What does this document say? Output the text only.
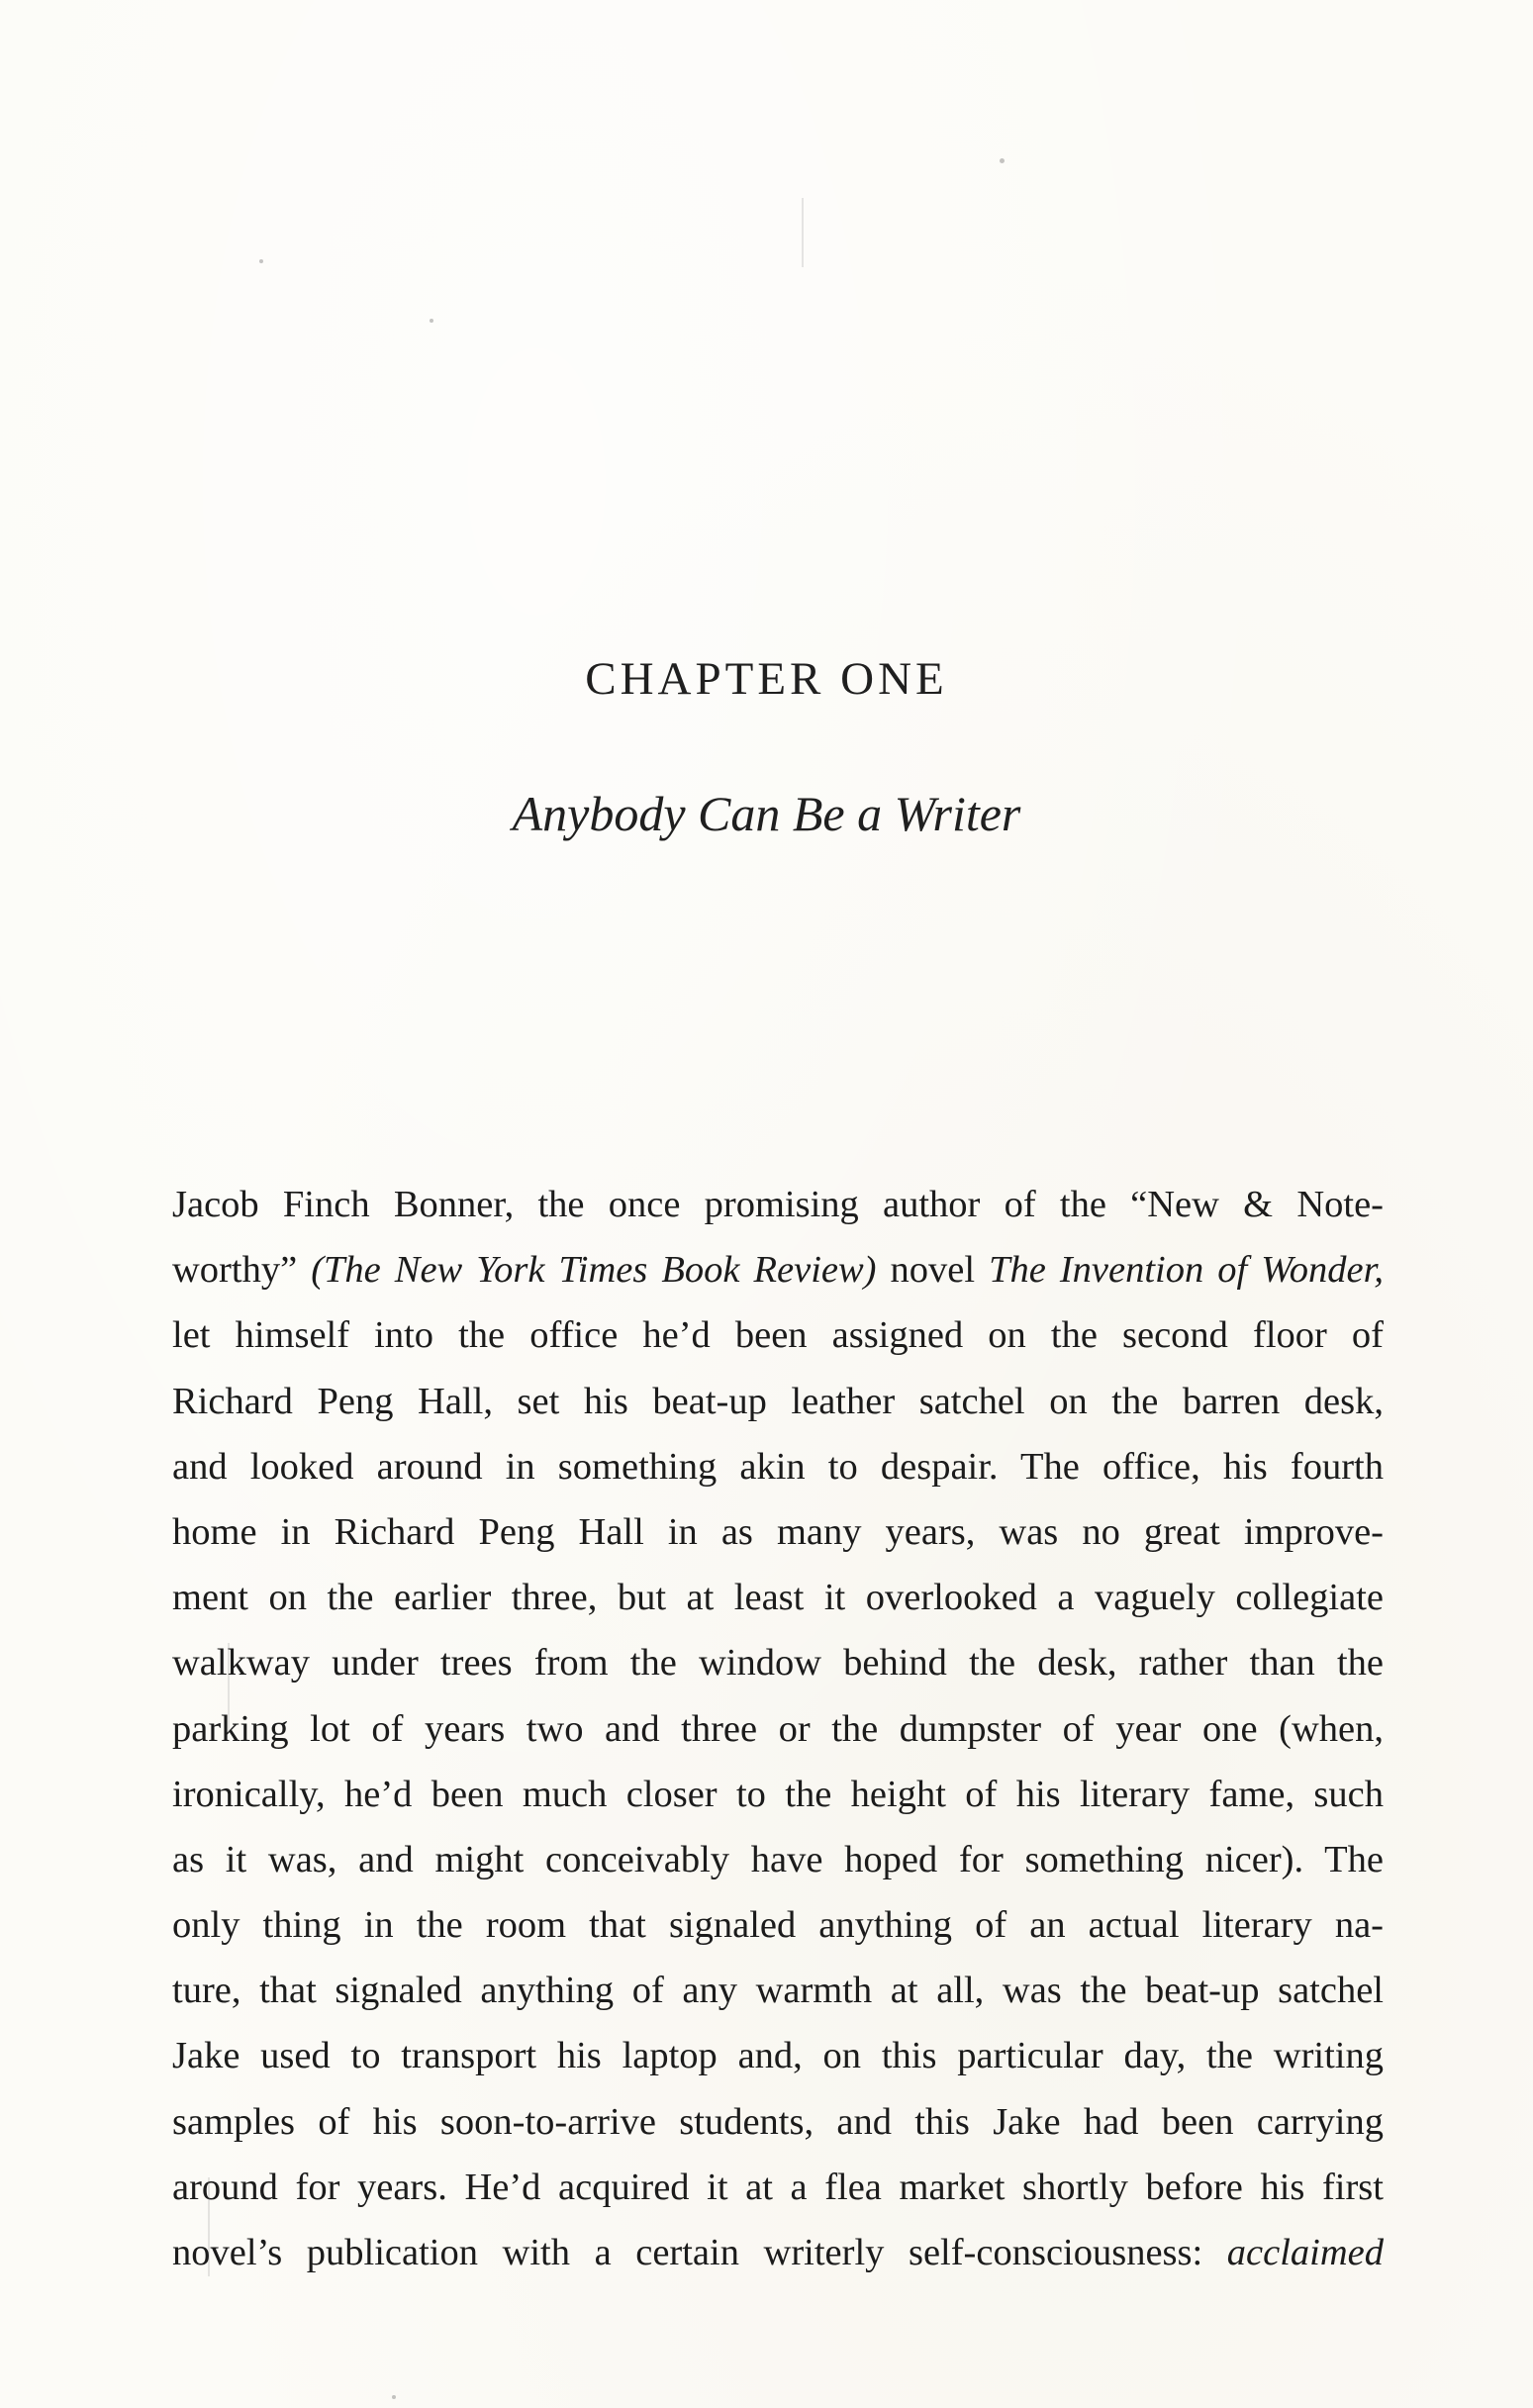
CHAPTER ONE
Anybody Can Be a Writer
Jacob Finch Bonner, the once promising author of the “New & Note-
worthy” (The New York Times Book Review) novel The Invention of Wonder,
let himself into the office he’d been assigned on the second floor of
Richard Peng Hall, set his beat-up leather satchel on the barren desk,
and looked around in something akin to despair. The office, his fourth
home in Richard Peng Hall in as many years, was no great improve-
ment on the earlier three, but at least it overlooked a vaguely collegiate
walkway under trees from the window behind the desk, rather than the
parking lot of years two and three or the dumpster of year one (when,
ironically, he’d been much closer to the height of his literary fame, such
as it was, and might conceivably have hoped for something nicer). The
only thing in the room that signaled anything of an actual literary na-
ture, that signaled anything of any warmth at all, was the beat-up satchel
Jake used to transport his laptop and, on this particular day, the writing
samples of his soon-to-arrive students, and this Jake had been carrying
around for years. He’d acquired it at a flea market shortly before his first
novel’s publication with a certain writerly self-consciousness: acclaimed
